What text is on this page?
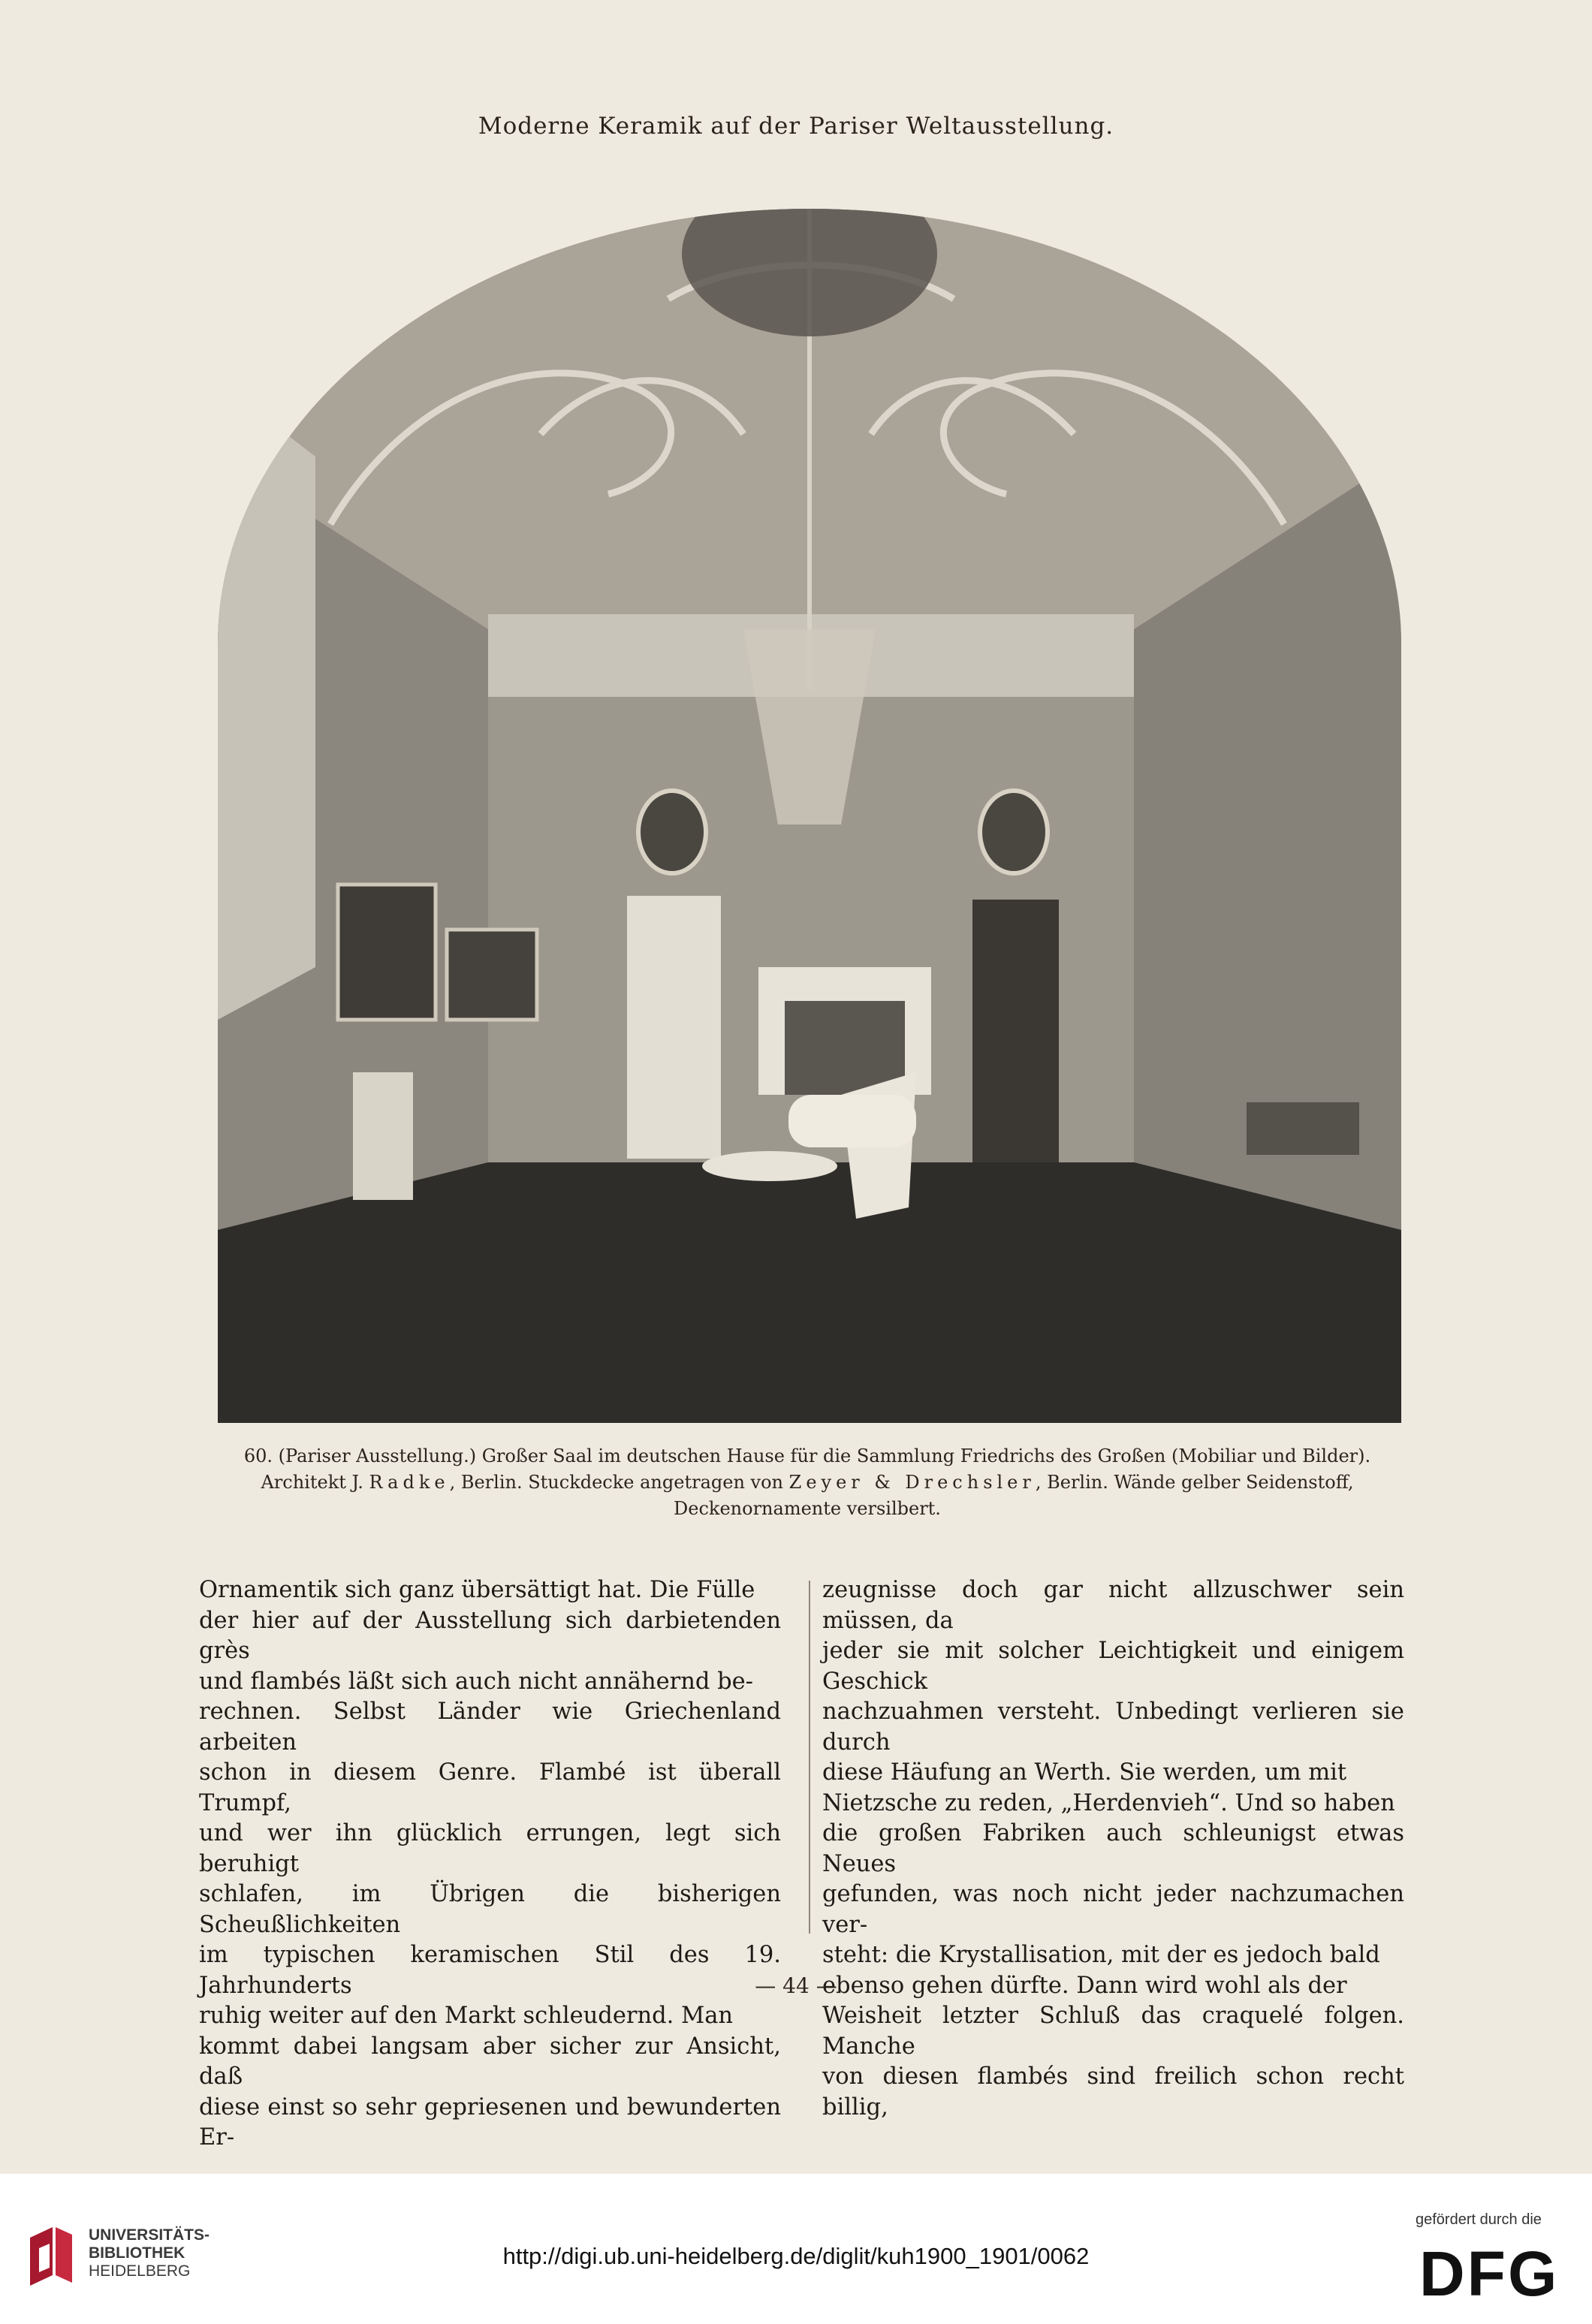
Moderne Keramik auf der Pariser Weltausstellung.

60. (Pariser Ausstellung.) Großer Saal im deutschen Hause für die Sammlung Friedrichs des Großen (Mobiliar und Bilder).

Architekt J. Radke, Berlin. Stuckdecke angetragen von Zeyer & Drechsler, Berlin. Wände gelber Seidenstoff,

Deckenornamente versilbert.

Ornamentik sich ganz übersättigt hat. Die Fülle

der hier auf der Ausstellung sich darbietenden grès

und flambés läßt sich auch nicht annähernd be-

rechnen. Selbst Länder wie Griechenland arbeiten

schon in diesem Genre. Flambé ist überall Trumpf,

und wer ihn glücklich errungen, legt sich beruhigt

schlafen, im Übrigen die bisherigen Scheußlichkeiten

im typischen keramischen Stil des 19. Jahrhunderts

ruhig weiter auf den Markt schleudernd. Man

kommt dabei langsam aber sicher zur Ansicht, daß

diese einst so sehr gepriesenen und bewunderten Er-

zeugnisse doch gar nicht allzuschwer sein müssen, da

jeder sie mit solcher Leichtigkeit und einigem Geschick

nachzuahmen versteht. Unbedingt verlieren sie durch

diese Häufung an Werth. Sie werden, um mit

Nietzsche zu reden, „Herdenvieh“. Und so haben

die großen Fabriken auch schleunigst etwas Neues

gefunden, was noch nicht jeder nachzumachen ver-

steht: die Krystallisation, mit der es jedoch bald

ebenso gehen dürfte. Dann wird wohl als der

Weisheit letzter Schluß das craquelé folgen. Manche

von diesen flambés sind freilich schon recht billig,

— 44 —
UNIVERSITÄTS-
BIBLIOTHEK
HEIDELBERG
http://digi.ub.uni-heidelberg.de/diglit/kuh1900_1901/0062
gefördert durch die
DFG
